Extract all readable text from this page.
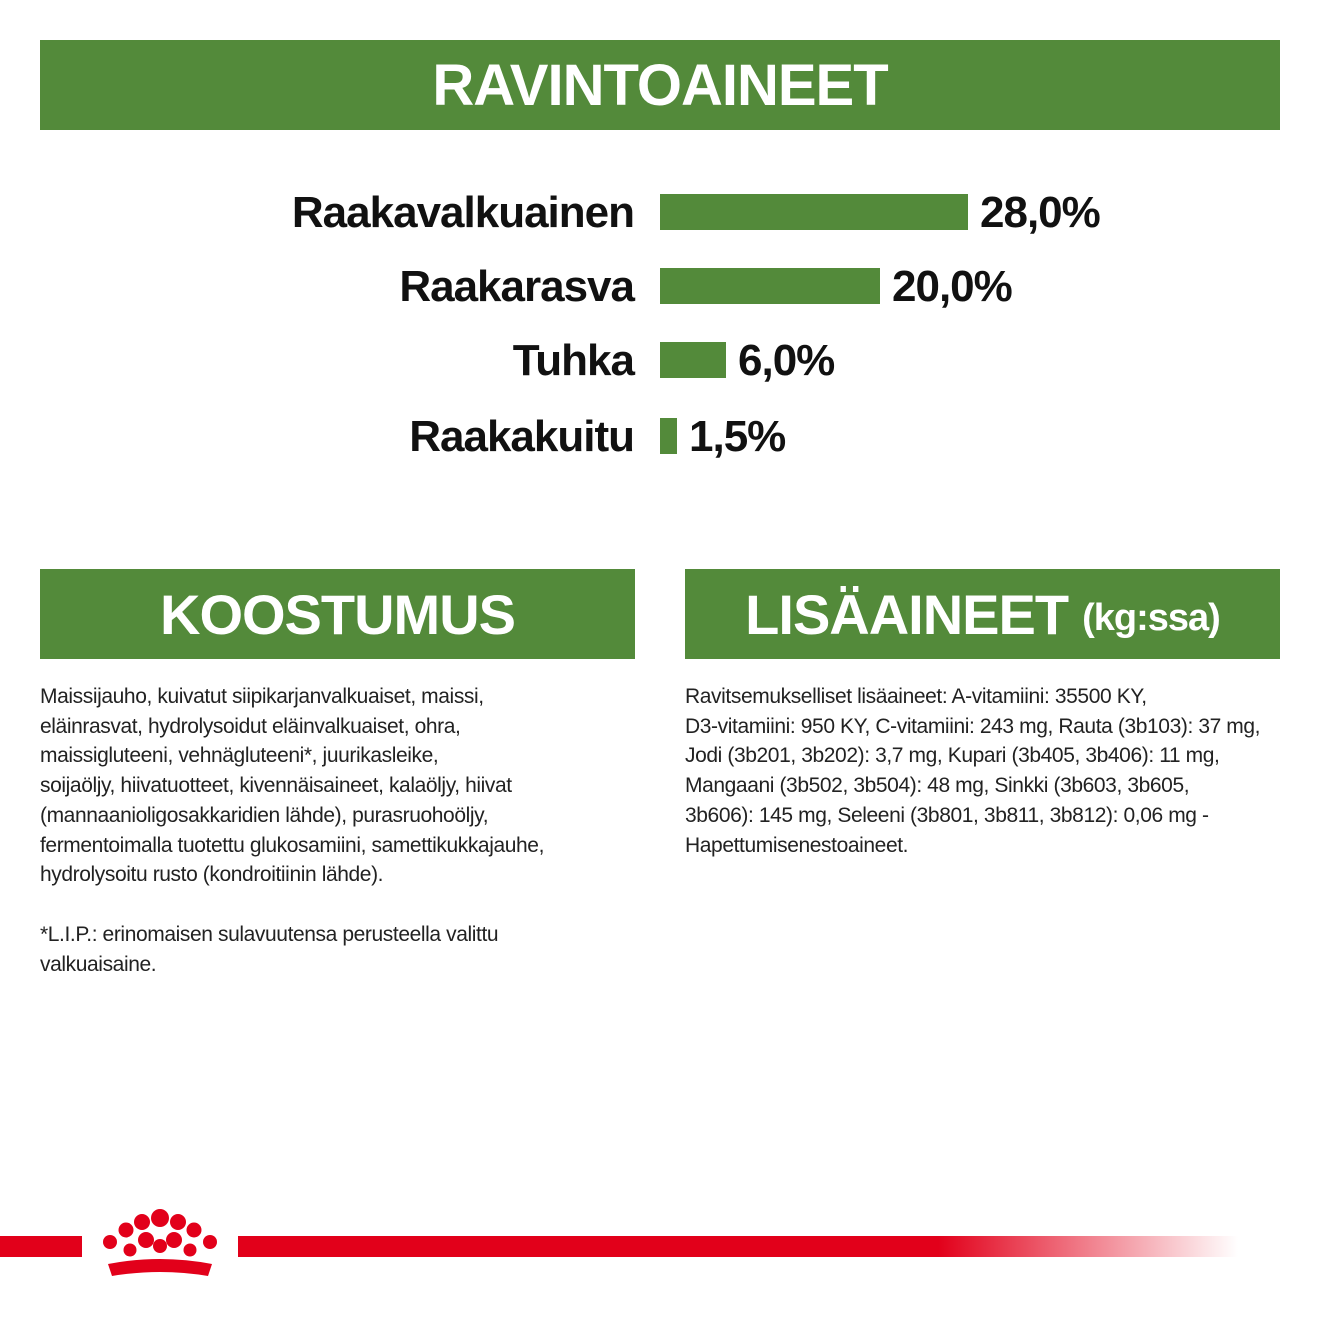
RAVINTOAINEET
Raakavalkuainen	28,0%
Raakarasva	20,0%
Tuhka 6,0%
Raakakuitu 1,5%
KOOSTUMUS
Maissijauho, kuivatut siipikarjanvalkuaiset, maissi,
eläinrasvat, hydrolysoidut eläinvalkuaiset, ohra,
maissigluteeni, vehnägluteeni*, juurikasleike,
soijaöljy, hiivatuotteet, kivennäisaineet, kalaöljy, hiivat
(mannaanioligosakkaridien lähde), purasruohoöljy,
fermentoimalla tuotettu glukosamiini, samettikukkajauhe,
hydrolysoitu rusto (kondroitiinin lähde).
*L.I.P.: erinomaisen sulavuutensa perusteella valittu
valkuaisaine.
LISÄAINEET (kg:ssa)
Ravitsemukselliset lisäaineet: A-vitamiini: 35500 KY,
D3-vitamiini: 950 KY, C-vitamiini: 243 mg, Rauta (3b103): 37 mg,
Jodi (3b201, 3b202): 3,7 mg, Kupari (3b405, 3b406): 11 mg,
Mangaani (3b502, 3b504): 48 mg, Sinkki (3b603, 3b605,
3b606): 145 mg, Seleeni (3b801, 3b811, 3b812): 0,06 mg -
Hapettumisenestoaineet.
